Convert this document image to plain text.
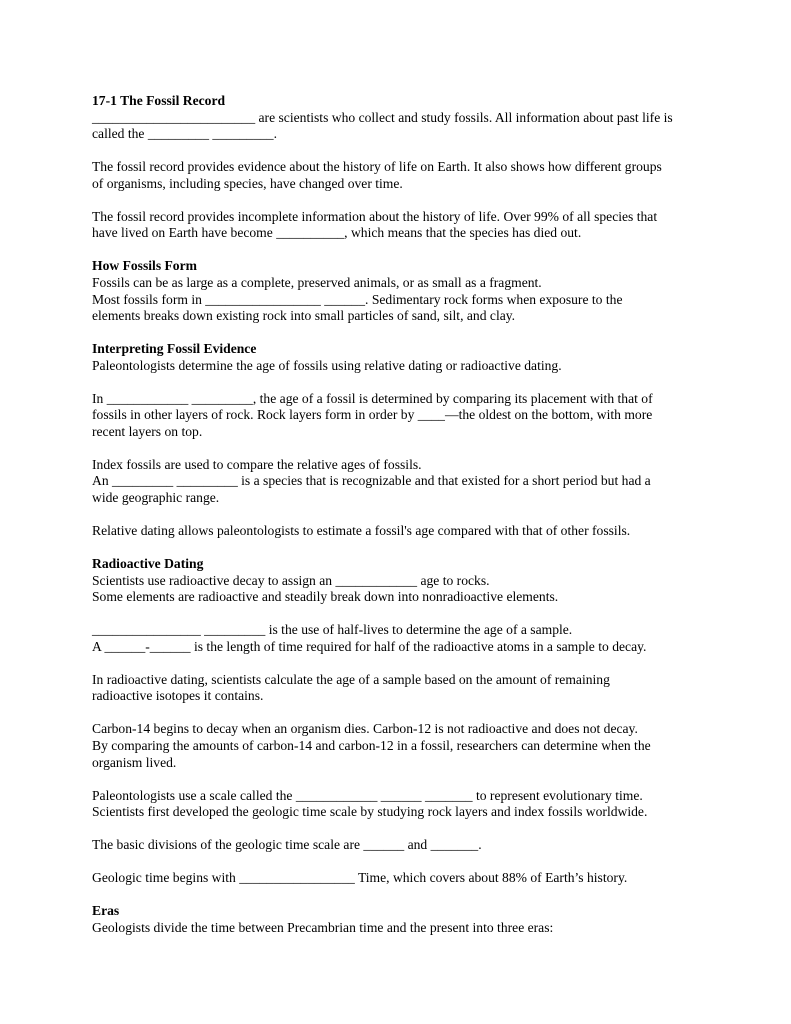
17-1 The Fossil Record

________________________ are scientists who collect and study fossils. All information about past life is
called the _________ _________.

The fossil record provides evidence about the history of life on Earth. It also shows how different groups
of organisms, including species, have changed over time.

The fossil record provides incomplete information about the history of life. Over 99% of all species that
have lived on Earth have become __________, which means that the species has died out.

How Fossils Form

Fossils can be as large as a complete, preserved animals, or as small as a fragment.
Most fossils form in _________________ ______. Sedimentary rock forms when exposure to the
elements breaks down existing rock into small particles of sand, silt, and clay.

Interpreting Fossil Evidence

Paleontologists determine the age of fossils using relative dating or radioactive dating.

In ____________ _________, the age of a fossil is determined by comparing its placement with that of
fossils in other layers of rock. Rock layers form in order by ____—the oldest on the bottom, with more
recent layers on top.

Index fossils are used to compare the relative ages of fossils.
An _________ _________ is a species that is recognizable and that existed for a short period but had a
wide geographic range.

Relative dating allows paleontologists to estimate a fossil's age compared with that of other fossils.

Radioactive Dating

Scientists use radioactive decay to assign an ____________ age to rocks.
Some elements are radioactive and steadily break down into nonradioactive elements.

________________ _________ is the use of half-lives to determine the age of a sample.
A ______-______ is the length of time required for half of the radioactive atoms in a sample to decay.

In radioactive dating, scientists calculate the age of a sample based on the amount of remaining
radioactive isotopes it contains.

Carbon-14 begins to decay when an organism dies. Carbon-12 is not radioactive and does not decay.
By comparing the amounts of carbon-14 and carbon-12 in a fossil, researchers can determine when the
organism lived.

Paleontologists use a scale called the ____________ ______ _______ to represent evolutionary time.
Scientists first developed the geologic time scale by studying rock layers and index fossils worldwide.

The basic divisions of the geologic time scale are ______ and _______.

Geologic time begins with _________________ Time, which covers about 88% of Earth’s history.

Eras

Geologists divide the time between Precambrian time and the present into three eras:
